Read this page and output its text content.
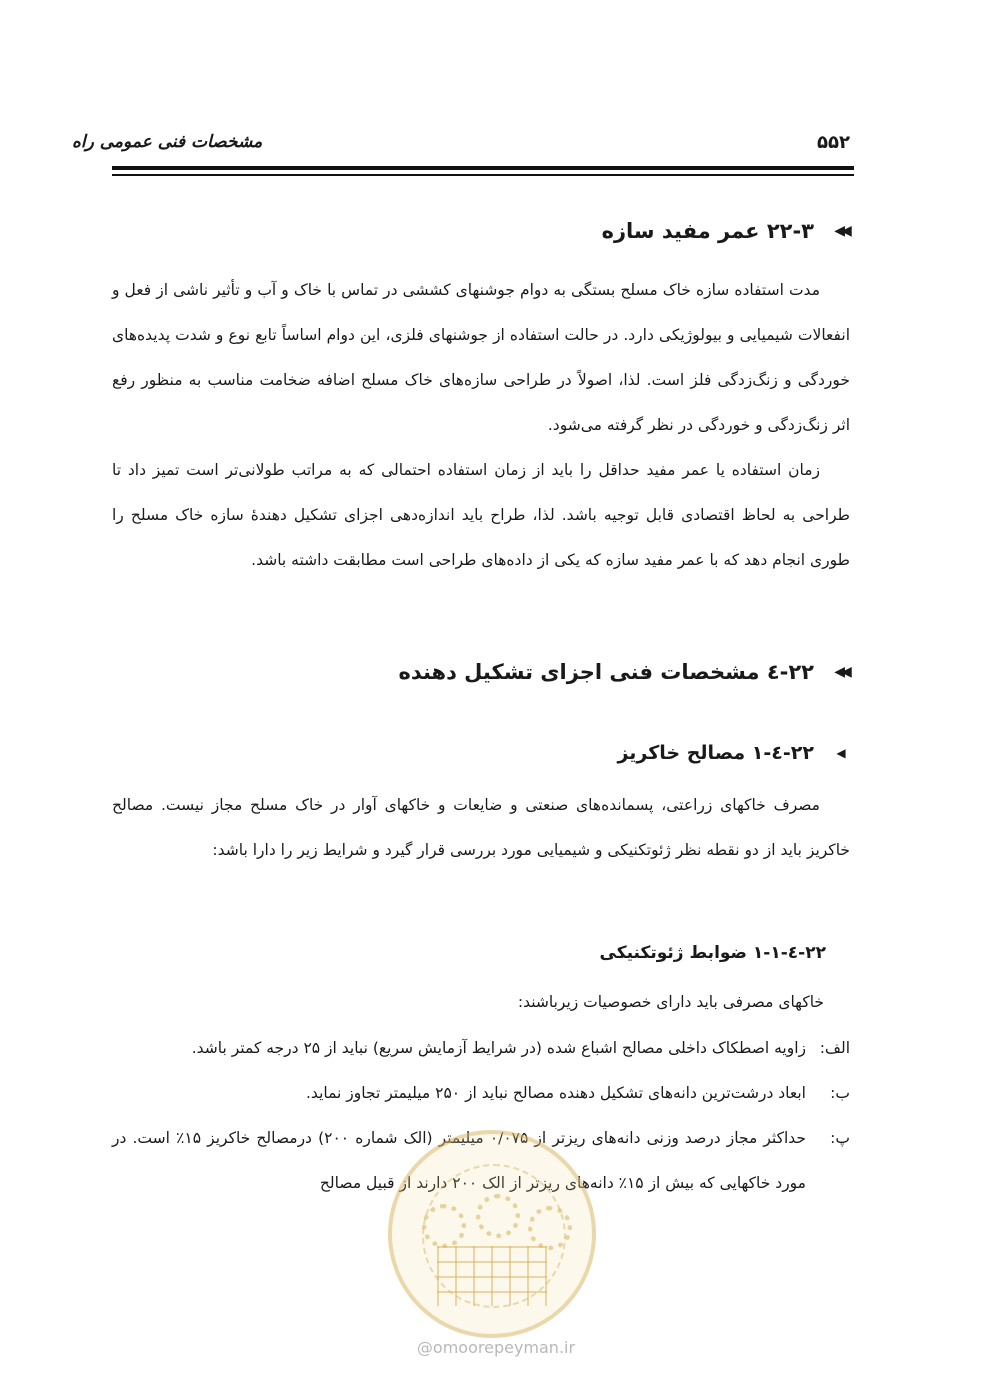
۵۵۲
مشخصات فنی عمومی راه
◀◀
۲۲-۳ عمر مفید سازه
مدت استفاده سازه خاک مسلح بستگی به دوام جوشنهای کششی در تماس با خاک و آب و تأثیر ناشی از فعل و انفعالات شیمیایی و بیولوژیکی دارد. در حالت استفاده از جوشنهای فلزی، این دوام اساساً تابع نوع و شدت پدیده‌های خوردگی و زنگ‌زدگی فلز است. لذا، اصولاً در طراحی سازه‌های خاک مسلح اضافه ضخامت مناسب به منظور رفع اثر زنگ‌زدگی و خوردگی در نظر گرفته می‌شود.
زمان استفاده یا عمر مفید حداقل را باید از زمان استفاده احتمالی که به مراتب طولانی‌تر است تمیز داد تا طراحی به لحاظ اقتصادی قابل توجیه باشد. لذا، طراح باید اندازه‌دهی اجزای تشکیل دهندهٔ سازه خاک مسلح را طوری انجام دهد که با عمر مفید سازه که یکی از داده‌های طراحی است مطابقت داشته باشد.
◀◀
۲۲-٤ مشخصات فنی اجزای تشکیل دهنده
◀
۲۲-٤-۱ مصالح خاکریز
مصرف خاکهای زراعتی، پسمانده‌های صنعتی و ضایعات و خاکهای آوار در خاک مسلح مجاز نیست. مصالح خاکریز باید از دو نقطه نظر ژئوتکنیکی و شیمیایی مورد بررسی قرار گیرد و شرایط زیر را دارا باشد:
۲۲-٤-۱-۱ ضوابط ژئوتکنیکی
خاکهای مصرفی باید دارای خصوصیات زیرباشند:
الف:
زاویه اصطکاک داخلی مصالح اشباع شده (در شرایط آزمایش سریع) نباید از ۲۵ درجه کمتر باشد.
ب:
ابعاد درشت‌ترین دانه‌های تشکیل دهنده مصالح نباید از ۲۵۰ میلیمتر تجاوز نماید.
پ:
حداکثر مجاز درصد وزنی دانه‌های ریزتر از ۰/۰۷۵ میلیمتر (الک شماره ۲۰۰) درمصالح خاکریز ۱۵٪ است. در مورد خاکهایی که بیش از ۱۵٪ دانه‌های ریزتر از الک ۲۰۰ دارند از قبیل مصالح
@omoorepeyman.ir
